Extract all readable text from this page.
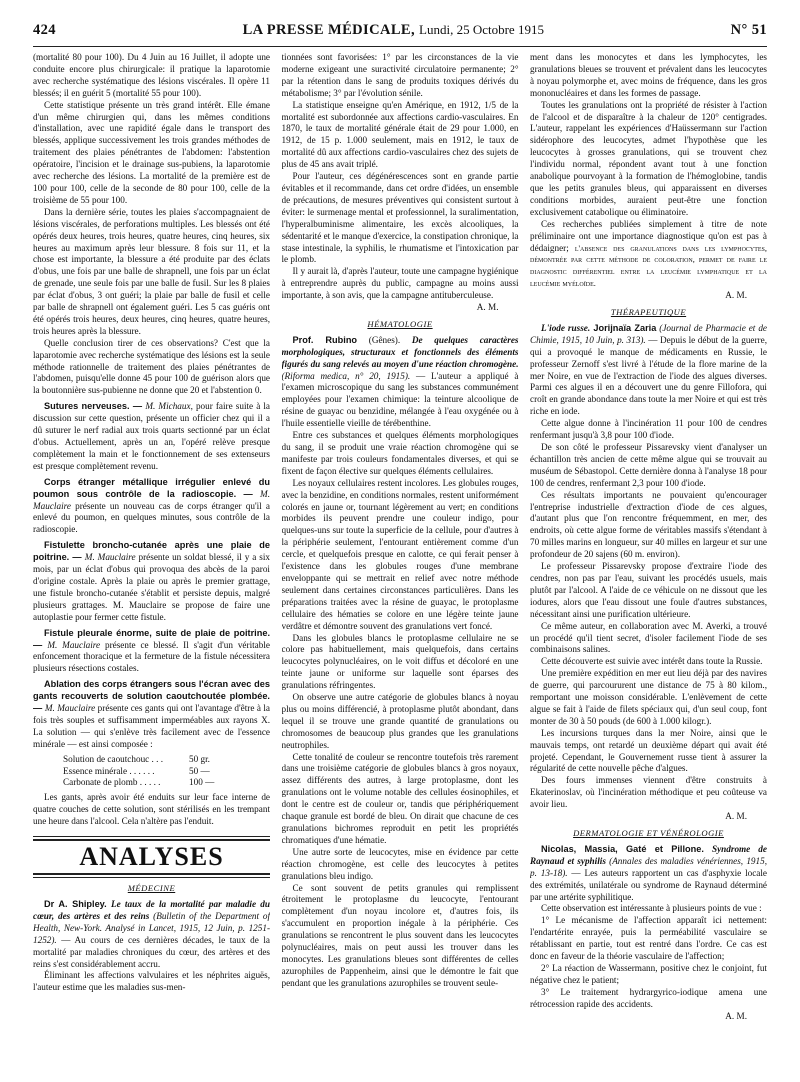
424	LA PRESSE MÉDICALE, Lundi, 25 Octobre 1915	N° 51

(mortalité 80 pour 100). Du 4 Juin au 16 Juillet, il adopte une conduite encore plus chirurgicale: il pratique la laparotomie avec recherche systématique des lésions viscérales. Il opère 11 blessés; il en guérit 5 (mortalité 55 pour 100).

Cette statistique présente un très grand intérêt. Elle émane d'un même chirurgien qui, dans les mêmes conditions d'installation, avec une rapidité égale dans le transport des blessés, applique successivement les trois grandes méthodes de traitement des plaies pénétrantes de l'abdomen: l'abstention opératoire, l'incision et le drainage sus-pubiens, la laparotomie avec recherche des lésions. La mortalité de la première est de 100 pour 100, celle de la seconde de 80 pour 100, celle de la troisième de 55 pour 100.

Dans la dernière série, toutes les plaies s'accompagnaient de lésions viscérales, de perforations multiples. Les blessés ont été opérés deux heures, trois heures, quatre heures, cinq heures, six heures au maximum après leur blessure. 8 fois sur 11, et la chose est importante, la blessure a été produite par des éclats d'obus, une fois par une balle de shrapnell, une fois par un éclat de grenade, une seule fois par une balle de fusil. Sur les 8 plaies par éclat d'obus, 3 ont guéri; la plaie par balle de fusil et celle par balle de shrapnell ont également guéri. Les 5 cas guéris ont été opérés trois heures, deux heures, cinq heures, quatre heures, trois heures après la blessure.

Quelle conclusion tirer de ces observations? C'est que la laparotomie avec recherche systématique des lésions est la seule méthode rationnelle de traitement des plaies pénétrantes de l'abdomen, puisqu'elle donne 45 pour 100 de guérison alors que la boutonnière sus-pubienne ne donne que 20 et l'abstention 0.

Sutures nerveuses. — M. Michaux, pour faire suite à la discussion sur cette question, présente un officier chez qui il a dû suturer le nerf radial aux trois quarts sectionné par un éclat d'obus. Actuellement, après un an, l'opéré relève presque complètement la main et le fonctionnement de ses extenseurs est presque complètement revenu.

Corps étranger métallique irrégulier enlevé du poumon sous contrôle de la radioscopie. — M. Mauclaire présente un nouveau cas de corps étranger qu'il a enlevé du poumon, en quelques minutes, sous contrôle de la radioscopie.

Fistulette broncho-cutanée après une plaie de poitrine. — M. Mauclaire présente un soldat blessé, il y a six mois, par un éclat d'obus qui provoqua des abcès de la paroi d'origine costale. Après la plaie ou après le premier grattage, une fistule broncho-cutanée s'établit et persiste depuis, malgré plusieurs grattages. M. Mauclaire se propose de faire une autoplastie pour fermer cette fistule.

Fistule pleurale énorme, suite de plaie de poitrine. — M. Mauclaire présente ce blessé. Il s'agit d'un véritable enfoncement thoracique et la fermeture de la fistule nécessitera plusieurs résections costales.

Ablation des corps étrangers sous l'écran avec des gants recouverts de solution caoutchoutée plombée. — M. Mauclaire présente ces gants qui ont l'avantage d'être à la fois très souples et suffisamment imperméables aux rayons X. La solution — qui s'enlève très facilement avec de l'essence minérale — est ainsi composée :

Solution de caoutchouc . . .	50 gr.
Essence minérale . . . . . .	50 —
Carbonate de plomb . . . . .	100 —

Les gants, après avoir été enduits sur leur face interne de quatre couches de cette solution, sont stérilisés en les trempant une heure dans l'alcool. Cela n'altère pas l'enduit.

ANALYSES
MÉDECINE

Dr A. Shipley. Le taux de la mortalité par maladie du cœur, des artères et des reins (Bulletin of the Department of Health, New-York. Analysé in Lancet, 1915, 12 Juin, p. 1251-1252). — Au cours de ces dernières décades, le taux de la mortalité par maladies chroniques du cœur, des artères et des reins s'est considérablement accru.

Éliminant les affections valvulaires et les néphrites aiguës, l'auteur estime que les maladies sus-men-

tionnées sont favorisées: 1° par les circonstances de la vie moderne exigeant une suractivité circulatoire permanente; 2° par la rétention dans le sang de produits toxiques dérivés du métabolisme; 3° par l'évolution sénile.

La statistique enseigne qu'en Amérique, en 1912, 1/5 de la mortalité est subordonnée aux affections cardio-vasculaires. En 1870, le taux de mortalité générale était de 29 pour 1.000, en 1912, de 15 p. 1.000 seulement, mais en 1912, le taux de mortalité dû aux affections cardio-vasculaires chez des sujets de plus de 45 ans avait triplé.

Pour l'auteur, ces dégénérescences sont en grande partie évitables et il recommande, dans cet ordre d'idées, un ensemble de précautions, de mesures préventives qui consistent surtout à éviter: le surmenage mental et professionnel, la suralimentation, l'hyperalbuminisme alimentaire, les excès alcooliques, la sédentarité et le manque d'exercice, la constipation chronique, la stase intestinale, la syphilis, le rhumatisme et l'intoxication par le plomb.

Il y aurait là, d'après l'auteur, toute une campagne hygiénique à entreprendre auprès du public, campagne au moins aussi importante, à son avis, que la campagne antituberculeuse.

A. M.
HÉMATOLOGIE

Prof. Rubino (Gênes). De quelques caractères morphologiques, structuraux et fonctionnels des éléments figurés du sang relevés au moyen d'une réaction chromogène. (Riforma medica, n° 20, 1915). — L'auteur a appliqué à l'examen microscopique du sang les substances communément employées pour l'examen chimique: la teinture alcoolique de résine de guayac ou benzidine, mélangée à l'eau oxygénée ou à l'huile essentielle vieille de térébenthine.

Entre ces substances et quelques éléments morphologiques du sang, il se produit une vraie réaction chromogène qui se manifeste par trois couleurs fondamentales diverses, et qui se fixent de façon élective sur quelques éléments cellulaires.

Les noyaux cellulaires restent incolores. Les globules rouges, avec la benzidine, en conditions normales, restent uniformément colorés en jaune or, tournant légèrement au vert; en conditions morbides ils peuvent prendre une couleur indigo, pour quelques-uns sur toute la superficie de la cellule, pour d'autres à la périphérie seulement, l'entourant entièrement comme d'un cercle, et quelquefois presque en calotte, ce qui ferait penser à l'existence dans les globules rouges d'une membrane enveloppante qui se mettrait en relief avec notre méthode seulement dans certaines circonstances particulières. Dans les préparations traitées avec la résine de guayac, le protoplasme cellulaire des hématies se colore en une légère teinte jaune verdâtre et démontre souvent des granulations vert foncé.

Dans les globules blancs le protoplasme cellulaire ne se colore pas habituellement, mais quelquefois, dans certains leucocytes polynucléaires, on le voit diffus et décoloré en une teinte jaune or uniforme sur laquelle sont éparses des granulations réfringentes.

On observe une autre catégorie de globules blancs à noyau plus ou moins différencié, à protoplasme plutôt abondant, dans lequel il se trouve une grande quantité de granulations ou chromosomes de beaucoup plus grandes que les granulations neutrophiles.

Cette tonalité de couleur se rencontre toutefois très rarement dans une troisième catégorie de globules blancs à gros noyaux, assez différents des autres, à large protoplasme, dont les granulations ont le volume notable des cellules éosinophiles, et dont le centre est de couleur or, tandis que périphériquement chaque granule est bordé de bleu. On dirait que chacune de ces granulations bichromes reproduit en petit les propriétés chromatiques d'une hématie.

Une autre sorte de leucocytes, mise en évidence par cette réaction chromogène, est celle des leucocytes à petites granulations bleu indigo.

Ce sont souvent de petits granules qui remplissent étroitement le protoplasme du leucocyte, l'entourant complètement d'un noyau incolore et, d'autres fois, ils s'accumulent en proportion inégale à la périphérie. Ces granulations se rencontrent le plus souvent dans les leucocytes polynucléaires, mais on peut aussi les trouver dans les monocytes. Les granulations bleues sont différentes de celles azurophiles de Pappenheim, ainsi que le démontre le fait que pendant que les granulations azurophiles se trouvent seule-

ment dans les monocytes et dans les lymphocytes, les granulations bleues se trouvent et prévalent dans les leucocytes à noyau polymorphe et, avec moins de fréquence, dans les gros mononucléaires et dans les formes de passage.

Toutes les granulations ont la propriété de résister à l'action de l'alcool et de disparaître à la chaleur de 120° centigrades. L'auteur, rappelant les expériences d'Haüssermann sur l'action sidérophore des leucocytes, admet l'hypothèse que les leucocytes à grosses granulations, qui se trouvent chez l'individu normal, répondent avant tout à une fonction anabolique pourvoyant à la formation de l'hémoglobine, tandis que les petits granules bleus, qui apparaissent en diverses conditions morbides, auraient peut-être une fonction exclusivement catabolique ou éliminatoire.

Ces recherches publiées simplement à titre de note préliminaire ont une importance diagnostique qu'on est pas à dédaigner; l'absence des granulations dans les lymphocytes, démontrée par cette méthode de coloration, permet de faire le diagnostic différentiel entre la leucémie lymphatique et la leucémie myéloïde.

A. M.
THÉRAPEUTIQUE

L'iode russe. Jorijnaïa Zaria (Journal de Pharmacie et de Chimie, 1915, 10 Juin, p. 313). — Depuis le début de la guerre, qui a provoqué le manque de médicaments en Russie, le professeur Zernoff s'est livré à l'étude de la flore marine de la mer Noire, en vue de l'extraction de l'iode des algues diverses. Parmi ces algues il en a découvert une du genre Fillofora, qui croît en grande abondance dans toute la mer Noire et qui est très riche en iode.

Cette algue donne à l'incinération 11 pour 100 de cendres renfermant jusqu'à 3,8 pour 100 d'iode.

De son côté le professeur Pissarevsky vient d'analyser un échantillon très ancien de cette même algue qui se trouvait au muséum de Sébastopol. Cette dernière donna à l'analyse 18 pour 100 de cendres, renfermant 2,3 pour 100 d'iode.

Ces résultats importants ne pouvaient qu'encourager l'entreprise industrielle d'extraction d'iode de ces algues, d'autant plus que l'on rencontre fréquemment, en mer, des endroits, où cette algue forme de véritables massifs s'étendant à 70 milles marins en longueur, sur 40 milles en largeur et sur une profondeur de 20 sajens (60 m. environ).

Le professeur Pissarevsky propose d'extraire l'iode des cendres, non pas par l'eau, suivant les procédés usuels, mais plutôt par l'alcool. A l'aide de ce véhicule on ne dissout que les iodures, alors que l'eau dissout une foule d'autres substances, nécessitant ainsi une purification ultérieure.

Ce même auteur, en collaboration avec M. Averki, a trouvé un procédé qu'il tient secret, d'isoler facilement l'iode de ses combinaisons salines.

Cette découverte est suivie avec intérêt dans toute la Russie.

Une première expédition en mer eut lieu déjà par des navires de guerre, qui parcoururent une distance de 75 à 80 kilom., remportant une moisson considérable. L'enlèvement de cette algue se fait à l'aide de filets spéciaux qui, d'un seul coup, font monter de 30 à 50 pouds (de 600 à 1.000 kilogr.).

Les incursions turques dans la mer Noire, ainsi que le mauvais temps, ont retardé un deuxième départ qui avait été projeté. Cependant, le Gouvernement russe tient à assurer la régularité de cette nouvelle pêche d'algues.

Des fours immenses viennent d'être construits à Ekaterinoslav, où l'incinération méthodique et peu coûteuse va avoir lieu.

A. M.
DERMATOLOGIE ET VÉNÉROLOGIE

Nicolas, Massia, Gaté et Pillone. Syndrome de Raynaud et syphilis (Annales des maladies vénériennes, 1915, p. 13-18). — Les auteurs rapportent un cas d'asphyxie locale des extrémités, unilatérale ou syndrome de Raynaud déterminé par une artérite syphilitique.

Cette observation est intéressante à plusieurs points de vue :

1° Le mécanisme de l'affection apparaît ici nettement: l'endartérite enrayée, puis la perméabilité vasculaire se rétablissant en partie, tout est rentré dans l'ordre. Ce cas est donc en faveur de la théorie vasculaire de l'affection;

2° La réaction de Wassermann, positive chez le conjoint, fut négative chez le patient;

3° Le traitement hydrargyrico-iodique amena une rétrocession rapide des accidents.

A. M.
